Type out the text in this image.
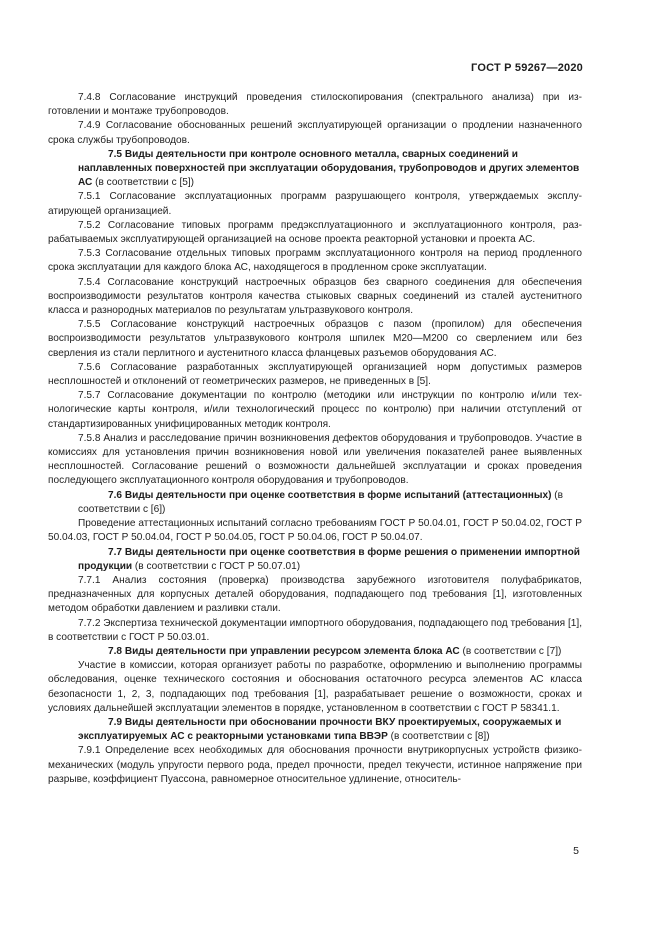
ГОСТ Р 59267—2020

7.4.8 Согласование инструкций проведения стилоскопирования (спектрального анализа) при изготовлении и монтаже трубопроводов.

7.4.9 Согласование обоснованных решений эксплуатирующей организации о продлении назначенного срока службы трубопроводов.

7.5 Виды деятельности при контроле основного металла, сварных соединений и наплавленных поверхностей при эксплуатации оборудования, трубопроводов и других элементов АС (в соответствии с [5])

7.5.1 Согласование эксплуатационных программ разрушающего контроля, утверждаемых эксплуатирующей организацией.

7.5.2 Согласование типовых программ предэксплуатационного и эксплуатационного контроля, разрабатываемых эксплуатирующей организацией на основе проекта реакторной установки и проекта АС.

7.5.3 Согласование отдельных типовых программ эксплуатационного контроля на период продленного срока эксплуатации для каждого блока АС, находящегося в продленном сроке эксплуатации.

7.5.4 Согласование конструкций настроечных образцов без сварного соединения для обеспечения воспроизводимости результатов контроля качества стыковых сварных соединений из сталей аустенитного класса и разнородных материалов по результатам ультразвукового контроля.

7.5.5 Согласование конструкций настроечных образцов с пазом (пропилом) для обеспечения воспроизводимости результатов ультразвукового контроля шпилек М20—М200 со сверлением или без сверления из стали перлитного и аустенитного класса фланцевых разъемов оборудования АС.

7.5.6 Согласование разработанных эксплуатирующей организацией норм допустимых размеров несплошностей и отклонений от геометрических размеров, не приведенных в [5].

7.5.7 Согласование документации по контролю (методики или инструкции по контролю и/или технологические карты контроля, и/или технологический процесс по контролю) при наличии отступлений от стандартизированных унифицированных методик контроля.

7.5.8 Анализ и расследование причин возникновения дефектов оборудования и трубопроводов. Участие в комиссиях для установления причин возникновения новой или увеличения показателей ранее выявленных несплошностей. Согласование решений о возможности дальнейшей эксплуатации и сроках проведения последующего эксплуатационного контроля оборудования и трубопроводов.

7.6 Виды деятельности при оценке соответствия в форме испытаний (аттестационных) (в соответствии с [6])

Проведение аттестационных испытаний согласно требованиям ГОСТ Р 50.04.01, ГОСТ Р 50.04.02, ГОСТ Р 50.04.03, ГОСТ Р 50.04.04, ГОСТ Р 50.04.05, ГОСТ Р 50.04.06, ГОСТ Р 50.04.07.

7.7 Виды деятельности при оценке соответствия в форме решения о применении импортной продукции (в соответствии с ГОСТ Р 50.07.01)

7.7.1 Анализ состояния (проверка) производства зарубежного изготовителя полуфабрикатов, предназначенных для корпусных деталей оборудования, подпадающего под требования [1], изготовленных методом обработки давлением и разливки стали.

7.7.2 Экспертиза технической документации импортного оборудования, подпадающего под требования [1], в соответствии с ГОСТ Р 50.03.01.

7.8 Виды деятельности при управлении ресурсом элемента блока АС (в соответствии с [7])

Участие в комиссии, которая организует работы по разработке, оформлению и выполнению программы обследования, оценке технического состояния и обоснования остаточного ресурса элементов АС класса безопасности 1, 2, 3, подпадающих под требования [1], разрабатывает решение о возможности, сроках и условиях дальнейшей эксплуатации элементов в порядке, установленном в соответствии с ГОСТ Р 58341.1.

7.9 Виды деятельности при обосновании прочности ВКУ проектируемых, сооружаемых и эксплуатируемых АС с реакторными установками типа ВВЭР (в соответствии с [8])

7.9.1 Определение всех необходимых для обоснования прочности внутрикорпусных устройств физико-механических (модуль упругости первого рода, предел прочности, предел текучести, истинное напряжение при разрыве, коэффициент Пуассона, равномерное относительное удлинение, относитель-

5
